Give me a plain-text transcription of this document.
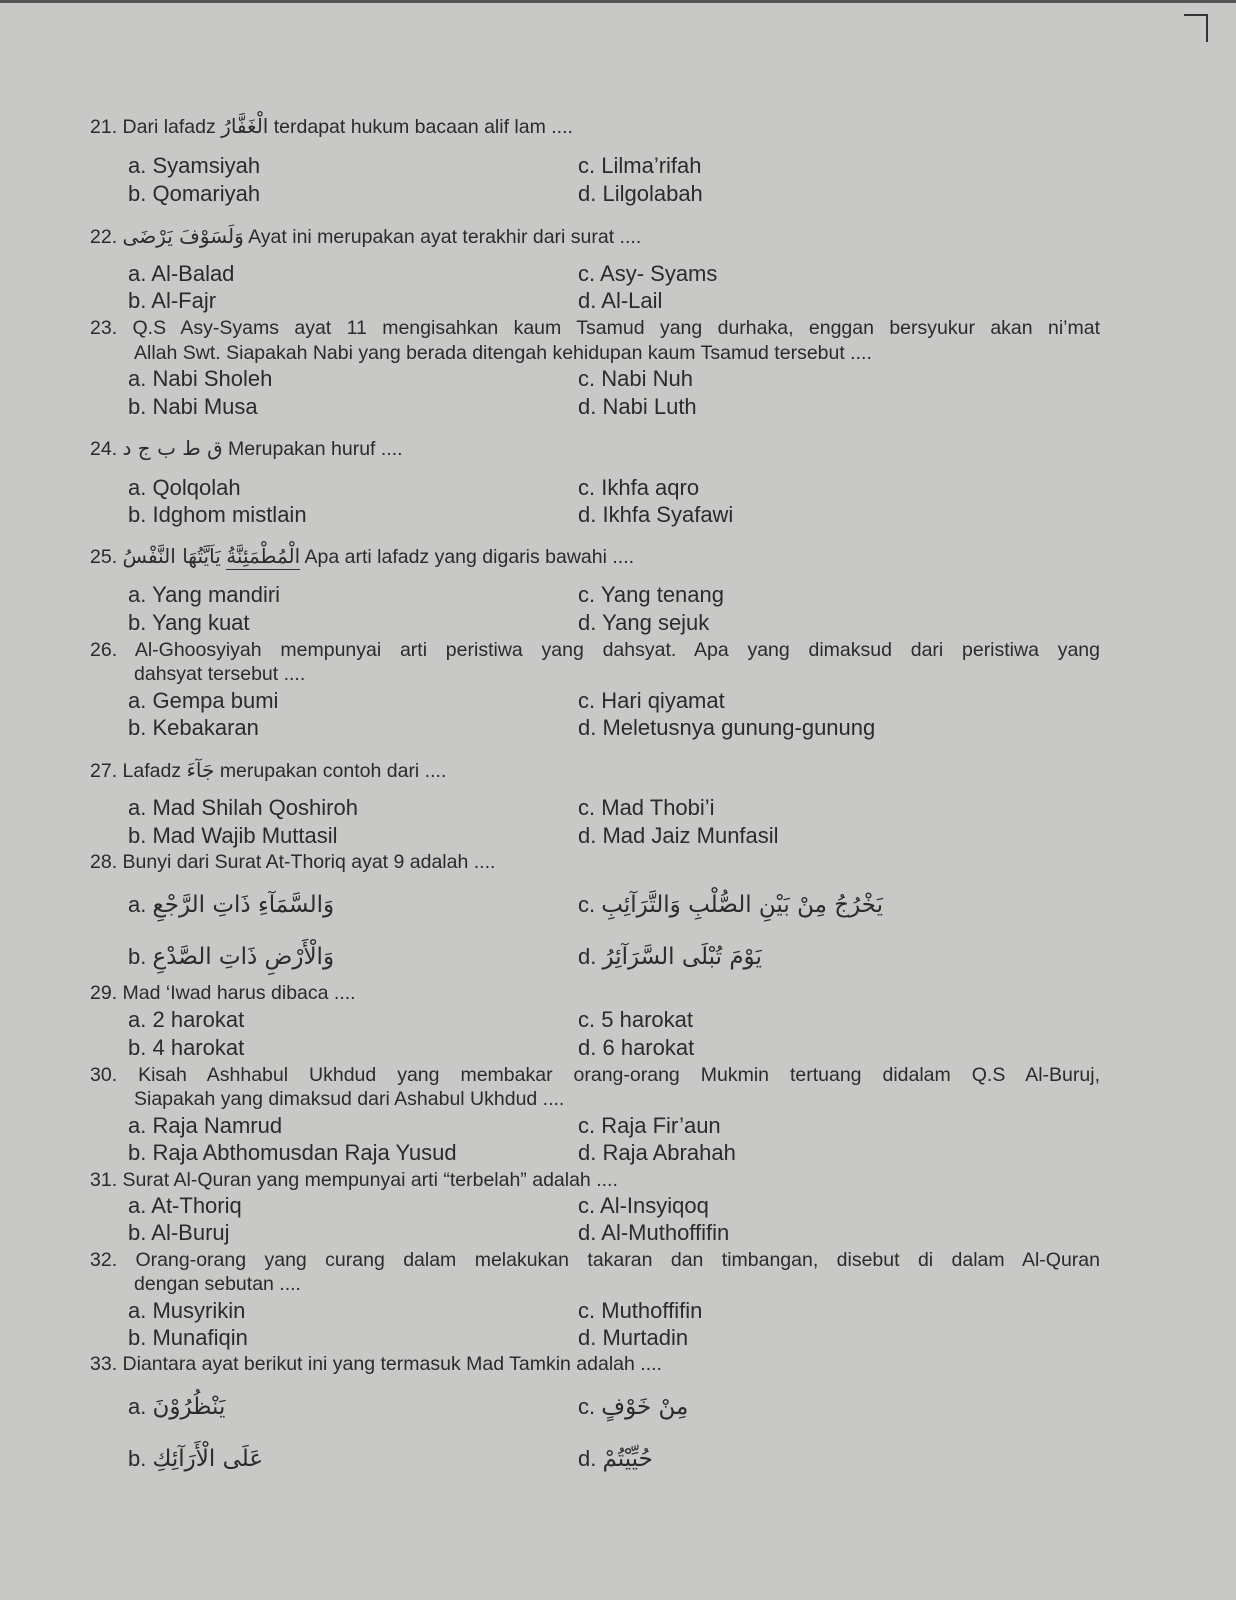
21. Dari lafadz الْغَفَّارُ terdapat hukum bacaan alif lam ....
a. Syamsiyah
b. Qomariyah
c. Lilma’rifah
d. Lilgolabah
22. وَلَسَوْفَ يَرْضَى Ayat ini merupakan ayat terakhir dari surat ....
a. Al-Balad
b. Al-Fajr
c. Asy- Syams
d. Al-Lail
23. Q.S Asy-Syams ayat 11 mengisahkan kaum Tsamud yang durhaka, enggan bersyukur akan ni’mat
Allah Swt. Siapakah Nabi yang berada ditengah kehidupan kaum Tsamud tersebut ....
a. Nabi Sholeh
b. Nabi Musa
c. Nabi Nuh
d. Nabi Luth
24. ق ط ب ج د Merupakan huruf ....
a. Qolqolah
b. Idghom mistlain
c. Ikhfa aqro
d. Ikhfa Syafawi
25. يَاَيَّتُهَا النَّفْسُ الْمُطْمَئِنَّةُ Apa arti lafadz yang digaris bawahi ....
a. Yang mandiri
b. Yang kuat
c. Yang tenang
d. Yang sejuk
26. Al-Ghoosyiyah mempunyai arti peristiwa yang dahsyat. Apa yang dimaksud dari peristiwa yang
dahsyat tersebut ....
a. Gempa bumi
b. Kebakaran
c. Hari qiyamat
d. Meletusnya gunung-gunung
27. Lafadz جَآءَ merupakan contoh dari ....
a. Mad Shilah Qoshiroh
b. Mad Wajib Muttasil
c. Mad Thobi’i
d. Mad Jaiz Munfasil
28. Bunyi dari Surat At-Thoriq ayat 9 adalah ....
a. وَالسَّمَآءِ ذَاتِ الرَّجْعِ
b. وَالْأَرْضِ ذَاتِ الصَّدْعِ
c. يَخْرُجُ مِنْ بَيْنِ الصُّلْبِ وَالتَّرَآئِبِ
d. يَوْمَ تُبْلَى السَّرَآئِرُ
29. Mad ‘Iwad harus dibaca ....
a. 2 harokat
b. 4 harokat
c. 5 harokat
d. 6 harokat
30. Kisah Ashhabul Ukhdud yang membakar orang-orang Mukmin tertuang didalam Q.S Al-Buruj,
Siapakah yang dimaksud dari Ashabul Ukhdud ....
a. Raja Namrud
b. Raja Abthomusdan Raja Yusud
c. Raja Fir’aun
d. Raja Abrahah
31. Surat Al-Quran yang mempunyai arti “terbelah” adalah ....
a. At-Thoriq
b. Al-Buruj
c. Al-Insyiqoq
d. Al-Muthoffifin
32. Orang-orang yang curang dalam melakukan takaran dan timbangan, disebut di dalam Al-Quran
dengan sebutan ....
a. Musyrikin
b. Munafiqin
c. Muthoffifin
d. Murtadin
33. Diantara ayat berikut ini yang termasuk Mad Tamkin adalah ....
a. يَنْظُرُوْنَ
b. عَلَى الْأَرَآئِكِ
c. مِنْ خَوْفٍ
d. حُيِّيْتُمْ
